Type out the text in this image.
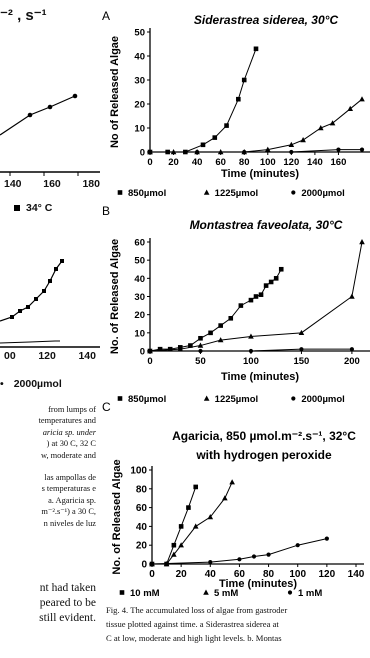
⁻² , s⁻¹
140 160 180
34° C
00 120 140
• 2000µmol
from lumps of
temperatures and
aricia sp. under
) at 30 C, 32 C
w, moderate and
las ampollas de
s temperaturas e
a. Agaricia sp.
m⁻².s⁻¹) a 30 C,
n niveles de luz
nt had taken
peared to be
still evident.
A	Siderastrea siderea, 30°C
0
10
20
30
40
50
0 20 40 60 80 100 120 140 160
No of Released Algae
Time (minutes)
850µmol	1225µmol	2000µmol
B
Montastrea faveolata, 30°C
0
10
20
30
40
50
60
0	50	100	150	200
No. of Released Algae
Time (minutes)
850µmol	1225µmol	2000µmol
C
Agaricia, 850 µmol.m⁻².s⁻¹, 32°C
with hydrogen peroxide
0
20
40
60
80
100
0 20 40 60 80 100 120 140
No. of Released Algae
Time (minutes)
10 mM	5 mM	1 mM
Fig. 4. The accumulated loss of algae from gastroder
tissue plotted against time. a Siderastrea siderea at
C at low, moderate and high light levels. b. Montas
